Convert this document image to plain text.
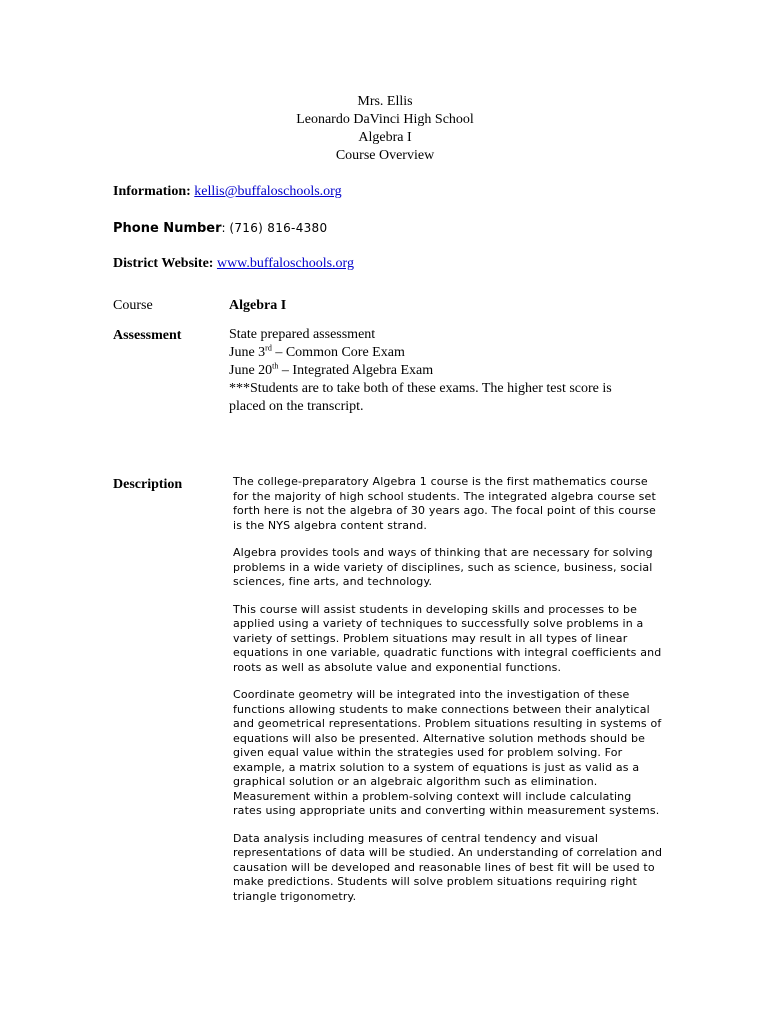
Mrs. Ellis
Leonardo DaVinci High School
Algebra I
Course Overview
Information: kellis@buffaloschools.org
Phone Number: (716) 816-4380
District Website: www.buffaloschools.org
Course	Algebra I
Assessment	State prepared assessment
June 3rd – Common Core Exam
June 20th – Integrated Algebra Exam
***Students are to take both of these exams. The higher test score is
placed on the transcript.
Description	The college-preparatory Algebra 1 course is the first mathematics course for the majority of high school students. The integrated algebra course set forth here is not the algebra of 30 years ago. The focal point of this course is the NYS algebra content strand.

Algebra provides tools and ways of thinking that are necessary for solving problems in a wide variety of disciplines, such as science, business, social sciences, fine arts, and technology.

This course will assist students in developing skills and processes to be applied using a variety of techniques to successfully solve problems in a variety of settings. Problem situations may result in all types of linear equations in one variable, quadratic functions with integral coefficients and roots as well as absolute value and exponential functions.

Coordinate geometry will be integrated into the investigation of these functions allowing students to make connections between their analytical and geometrical representations. Problem situations resulting in systems of equations will also be presented. Alternative solution methods should be given equal value within the strategies used for problem solving. For example, a matrix solution to a system of equations is just as valid as a graphical solution or an algebraic algorithm such as elimination. Measurement within a problem-solving context will include calculating rates using appropriate units and converting within measurement systems.

Data analysis including measures of central tendency and visual representations of data will be studied. An understanding of correlation and causation will be developed and reasonable lines of best fit will be used to make predictions. Students will solve problem situations requiring right triangle trigonometry.
